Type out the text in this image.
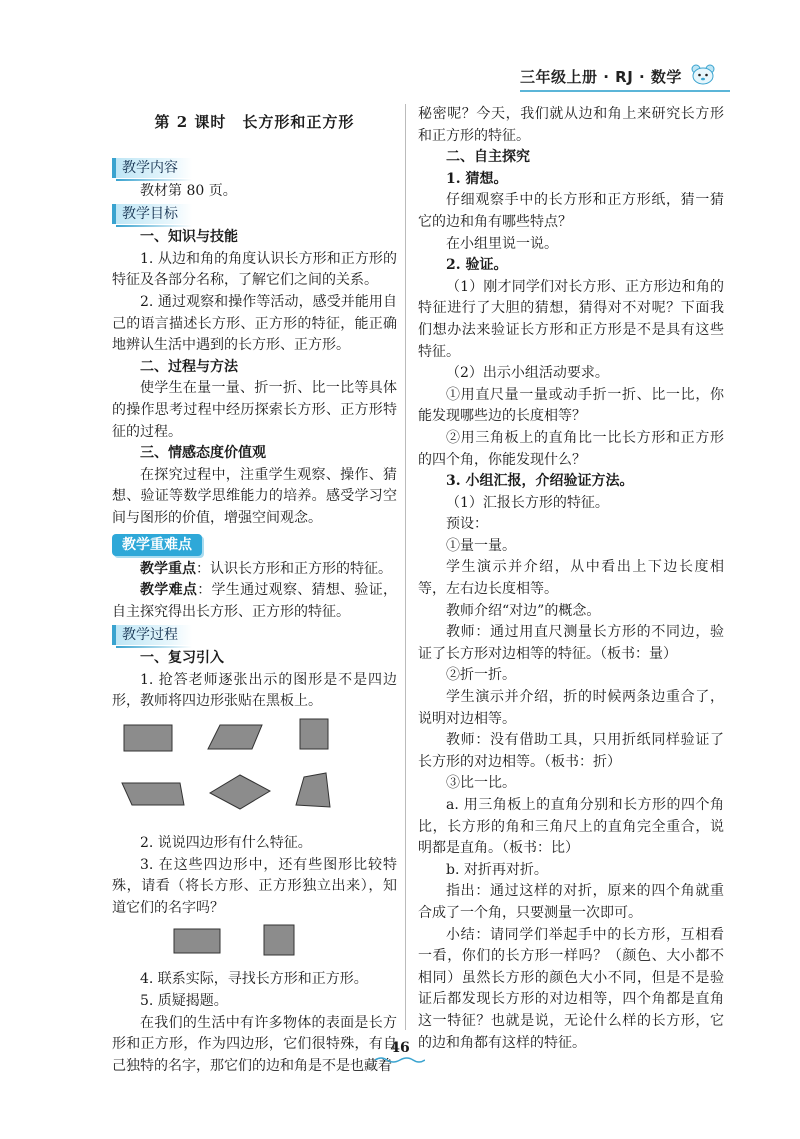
三年级上册 · RJ · 数学

第 2 课时　长方形和正方形

教学内容

教材第 80 页。

教学目标

一、知识与技能

1. 从边和角的角度认识长方形和正方形的特征及各部分名称，了解它们之间的关系。

2. 通过观察和操作等活动，感受并能用自己的语言描述长方形、正方形的特征，能正确地辨认生活中遇到的长方形、正方形。

二、过程与方法

使学生在量一量、折一折、比一比等具体的操作思考过程中经历探索长方形、正方形特征的过程。

三、情感态度价值观

在探究过程中，注重学生观察、操作、猜想、验证等数学思维能力的培养。感受学习空间与图形的价值，增强空间观念。

教学重难点

教学重点：认识长方形和正方形的特征。

教学难点：学生通过观察、猜想、验证，自主探究得出长方形、正方形的特征。

教学过程

一、复习引入

1. 抢答老师逐张出示的图形是不是四边形，教师将四边形张贴在黑板上。

2. 说说四边形有什么特征。

3. 在这些四边形中，还有些图形比较特殊，请看（将长方形、正方形独立出来），知道它们的名字吗？

4. 联系实际，寻找长方形和正方形。

5. 质疑揭题。

在我们的生活中有许多物体的表面是长方形和正方形，作为四边形，它们很特殊，有自己独特的名字，那它们的边和角是不是也藏着

秘密呢？今天，我们就从边和角上来研究长方形和正方形的特征。

二、自主探究

1. 猜想。

仔细观察手中的长方形和正方形纸，猜一猜它的边和角有哪些特点？

在小组里说一说。

2. 验证。

（1）刚才同学们对长方形、正方形边和角的特征进行了大胆的猜想，猜得对不对呢？下面我们想办法来验证长方形和正方形是不是具有这些特征。

（2）出示小组活动要求。

①用直尺量一量或动手折一折、比一比，你能发现哪些边的长度相等？

②用三角板上的直角比一比长方形和正方形的四个角，你能发现什么？

3. 小组汇报，介绍验证方法。

（1）汇报长方形的特征。

预设：

①量一量。

学生演示并介绍，从中看出上下边长度相等，左右边长度相等。

教师介绍“对边”的概念。

教师：通过用直尺测量长方形的不同边，验证了长方形对边相等的特征。（板书：量）

②折一折。

学生演示并介绍，折的时候两条边重合了，说明对边相等。

教师：没有借助工具，只用折纸同样验证了长方形的对边相等。（板书：折）

③比一比。

a. 用三角板上的直角分别和长方形的四个角比，长方形的角和三角尺上的直角完全重合，说明都是直角。（板书：比）

b. 对折再对折。

指出：通过这样的对折，原来的四个角就重合成了一个角，只要测量一次即可。

小结：请同学们举起手中的长方形，互相看一看，你们的长方形一样吗？（颜色、大小都不相同）虽然长方形的颜色大小不同，但是不是验证后都发现长方形的对边相等，四个角都是直角这一特征？也就是说，无论什么样的长方形，它的边和角都有这样的特征。

46
